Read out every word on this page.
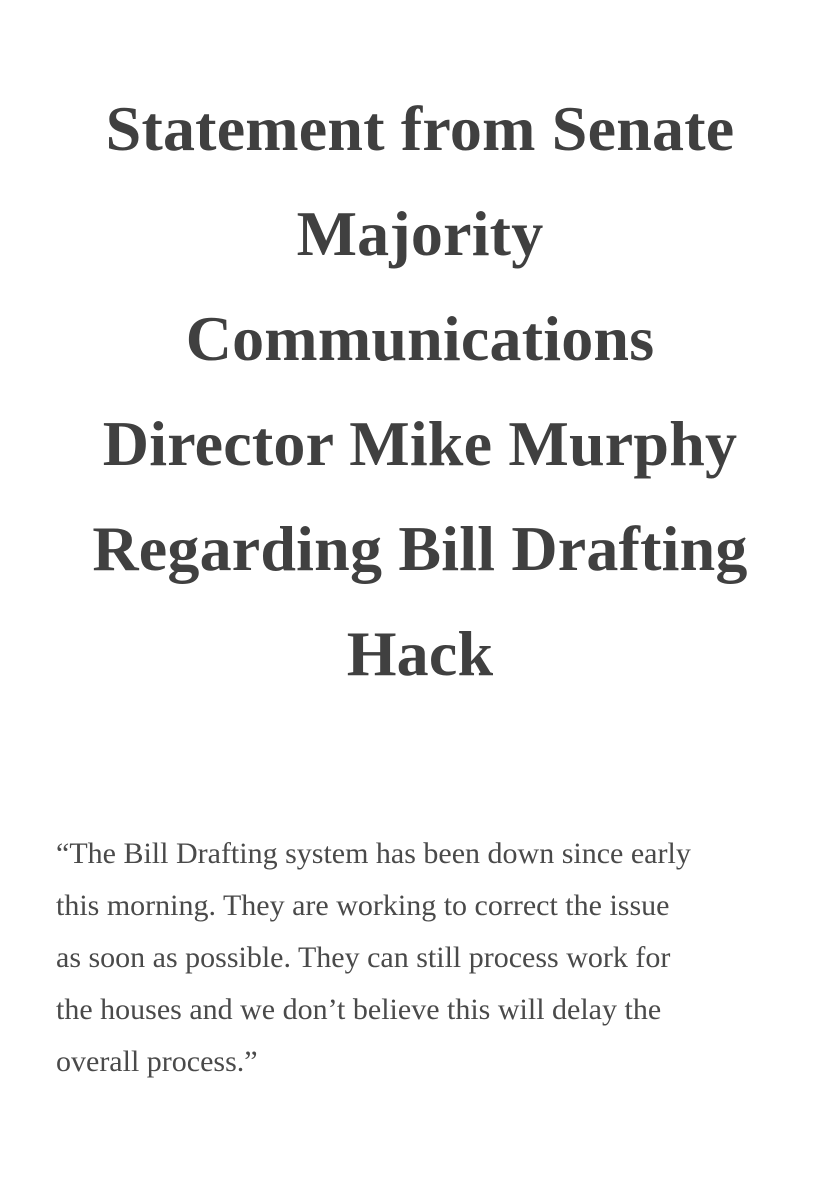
Statement from Senate
Majority
Communications
Director Mike Murphy
Regarding Bill Drafting
Hack

“The Bill Drafting system has been down since early
this morning. They are working to correct the issue
as soon as possible. They can still process work for
the houses and we don’t believe this will delay the
overall process.”
